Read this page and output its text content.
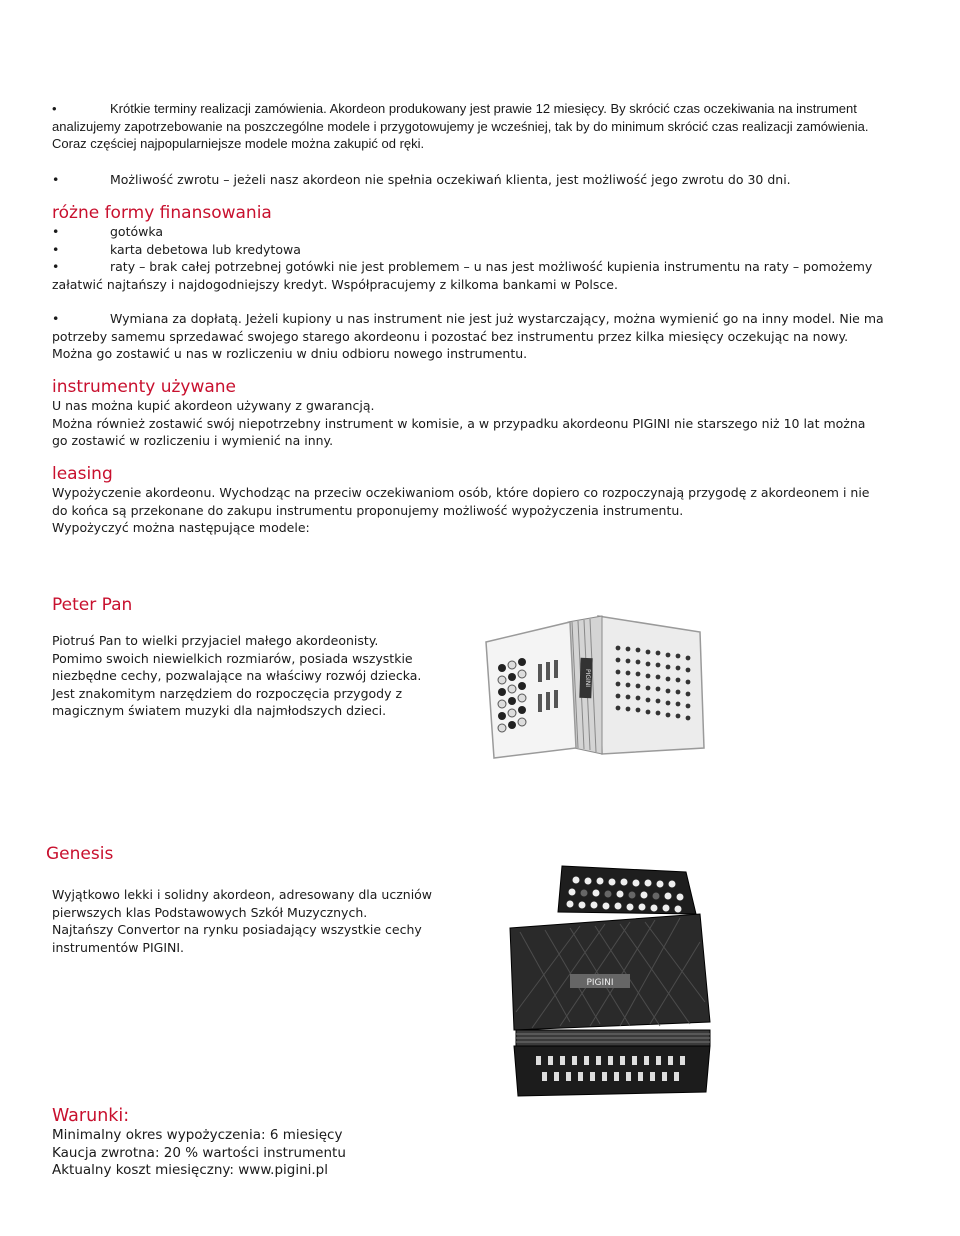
•	Krótkie terminy realizacji zamówienia. Akordeon produkowany jest prawie 12 miesięcy. By skrócić czas oczekiwania na instrument analizujemy zapotrzebowanie na poszczególne modele i przygotowujemy je wcześniej, tak by do minimum skrócić czas realizacji zamówienia. Coraz częściej najpopularniejsze modele można zakupić od ręki.

•	Możliwość zwrotu – jeżeli nasz akordeon nie spełnia oczekiwań klienta, jest możliwość jego zwrotu do 30 dni.

różne formy finansowania

•	gotówka

•	karta debetowa lub kredytowa

•	raty – brak całej potrzebnej gotówki nie jest problemem – u nas jest możliwość kupienia instrumentu na raty – pomożemy załatwić najtańszy i najdogodniejszy kredyt. Współpracujemy z kilkoma bankami w Polsce.

•	Wymiana za dopłatą. Jeżeli kupiony u nas instrument nie jest już wystarczający, można wymienić go na inny model. Nie ma potrzeby samemu sprzedawać swojego starego akordeonu i pozostać bez instrumentu przez kilka miesięcy oczekując na nowy. Można go zostawić u nas w rozliczeniu w dniu odbioru nowego instrumentu.

instrumenty używane

U nas można kupić akordeon używany z gwarancją.

Można również zostawić swój niepotrzebny instrument w komisie, a w przypadku akordeonu PIGINI nie starszego niż 10 lat można go zostawić w rozliczeniu i wymienić na inny.

leasing

Wypożyczenie akordeonu. Wychodząc na przeciw oczekiwaniom osób, które dopiero co rozpoczynają przygodę z akordeonem i nie do końca są przekonane do zakupu instrumentu proponujemy możliwość wypożyczenia instrumentu.

Wypożyczyć można następujące modele:

Peter Pan

Piotruś Pan to wielki przyjaciel małego akordeonisty.

Pomimo swoich niewielkich rozmiarów, posiada wszystkie niezbędne cechy, pozwalające na właściwy rozwój dziecka.

Jest znakomitym narzędziem do rozpoczęcia przygody z magicznym światem muzyki dla najmłodszych dzieci.

PIGINI
Genesis

Wyjątkowo lekki i solidny akordeon, adresowany dla uczniów pierwszych klas Podstawowych Szkół Muzycznych.

Najtańszy Convertor na rynku posiadający wszystkie cechy instrumentów PIGINI.

PIGINI
Warunki:

Minimalny okres wypożyczenia: 6 miesięcy

Kaucja zwrotna: 20 % wartości instrumentu

Aktualny koszt miesięczny: www.pigini.pl
